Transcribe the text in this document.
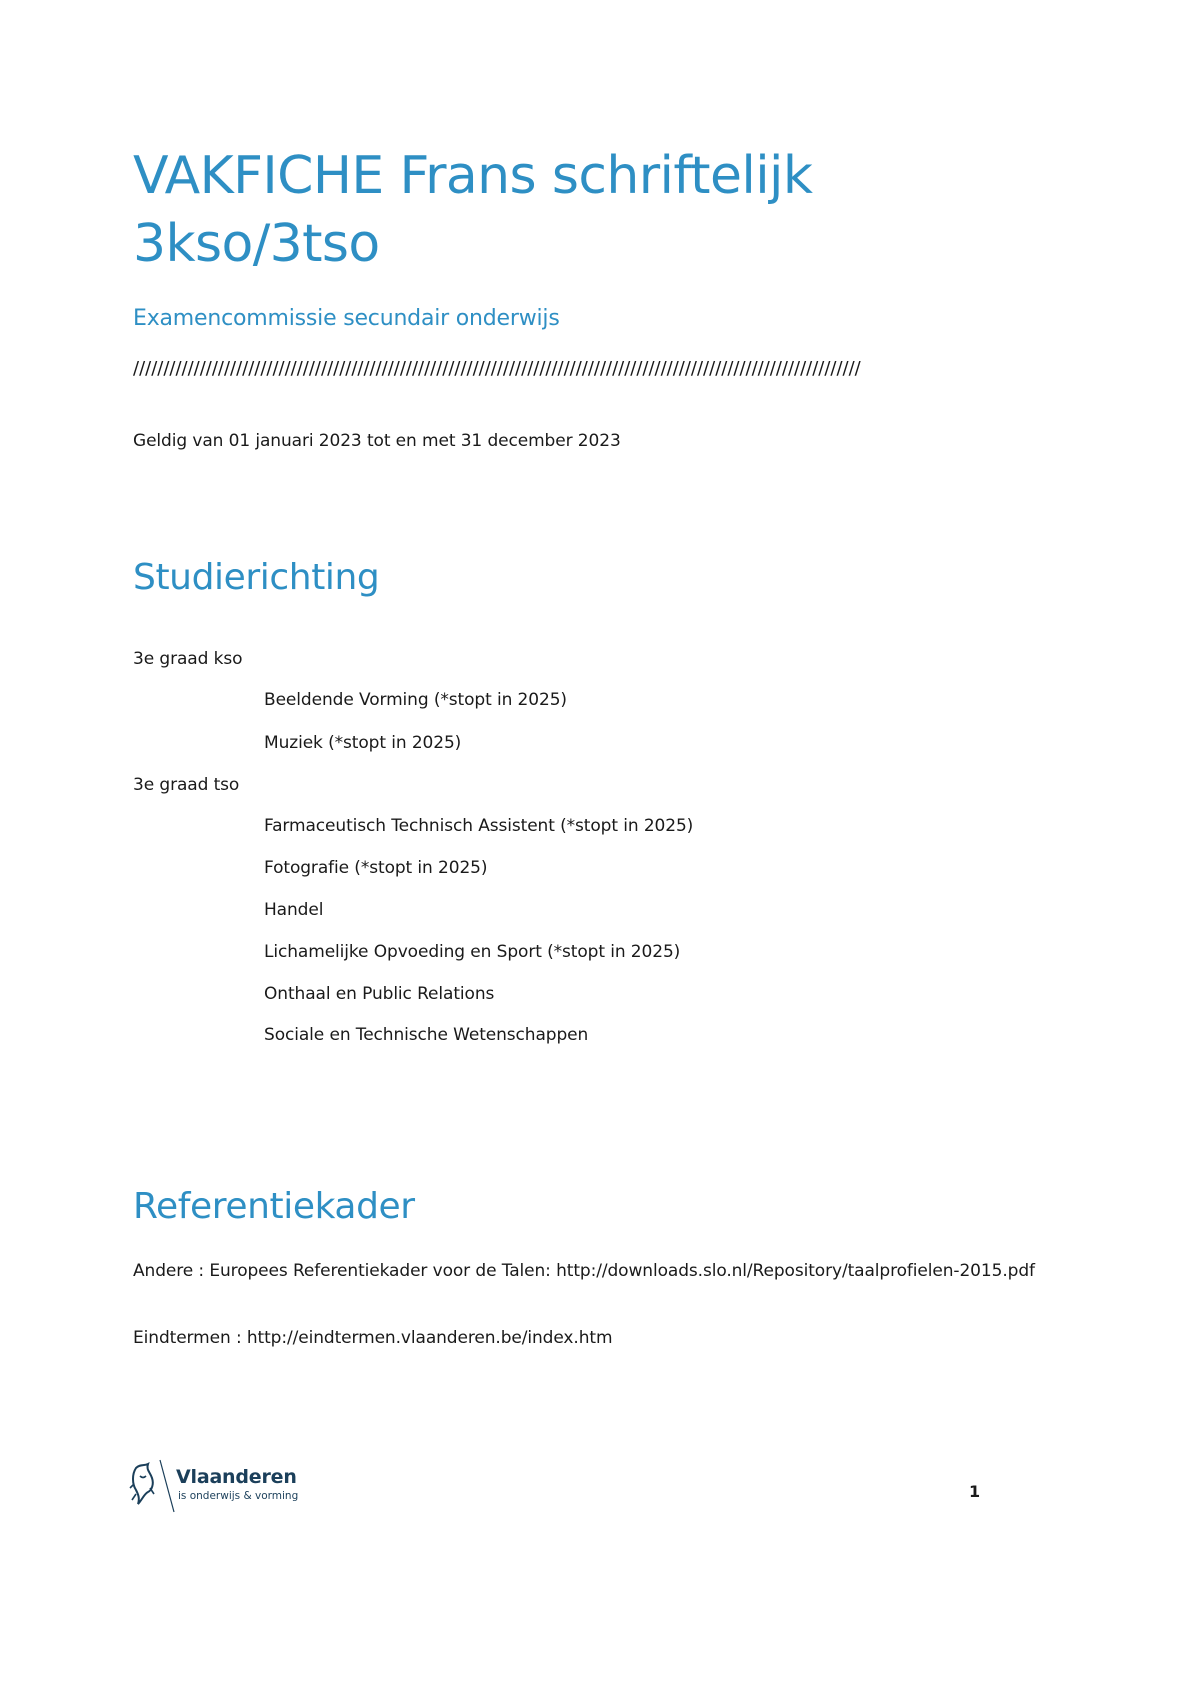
VAKFICHE Frans schriftelijk
3kso/3tso
Examencommissie secundair onderwijs
////////////////////////////////////////////////////////////////////////////////////////////////////////////////////////
Geldig van 01 januari 2023 tot en met 31 december 2023
Studierichting
3e graad kso
Beeldende Vorming (*stopt in 2025)
Muziek (*stopt in 2025)
3e graad tso
Farmaceutisch Technisch Assistent (*stopt in 2025)
Fotografie (*stopt in 2025)
Handel
Lichamelijke Opvoeding en Sport (*stopt in 2025)
Onthaal en Public Relations
Sociale en Technische Wetenschappen
Referentiekader
Andere : Europees Referentiekader voor de Talen: http://downloads.slo.nl/Repository/taalprofielen-2015.pdf
Eindtermen : http://eindtermen.vlaanderen.be/index.htm
Vlaanderen
is onderwijs & vorming	1
